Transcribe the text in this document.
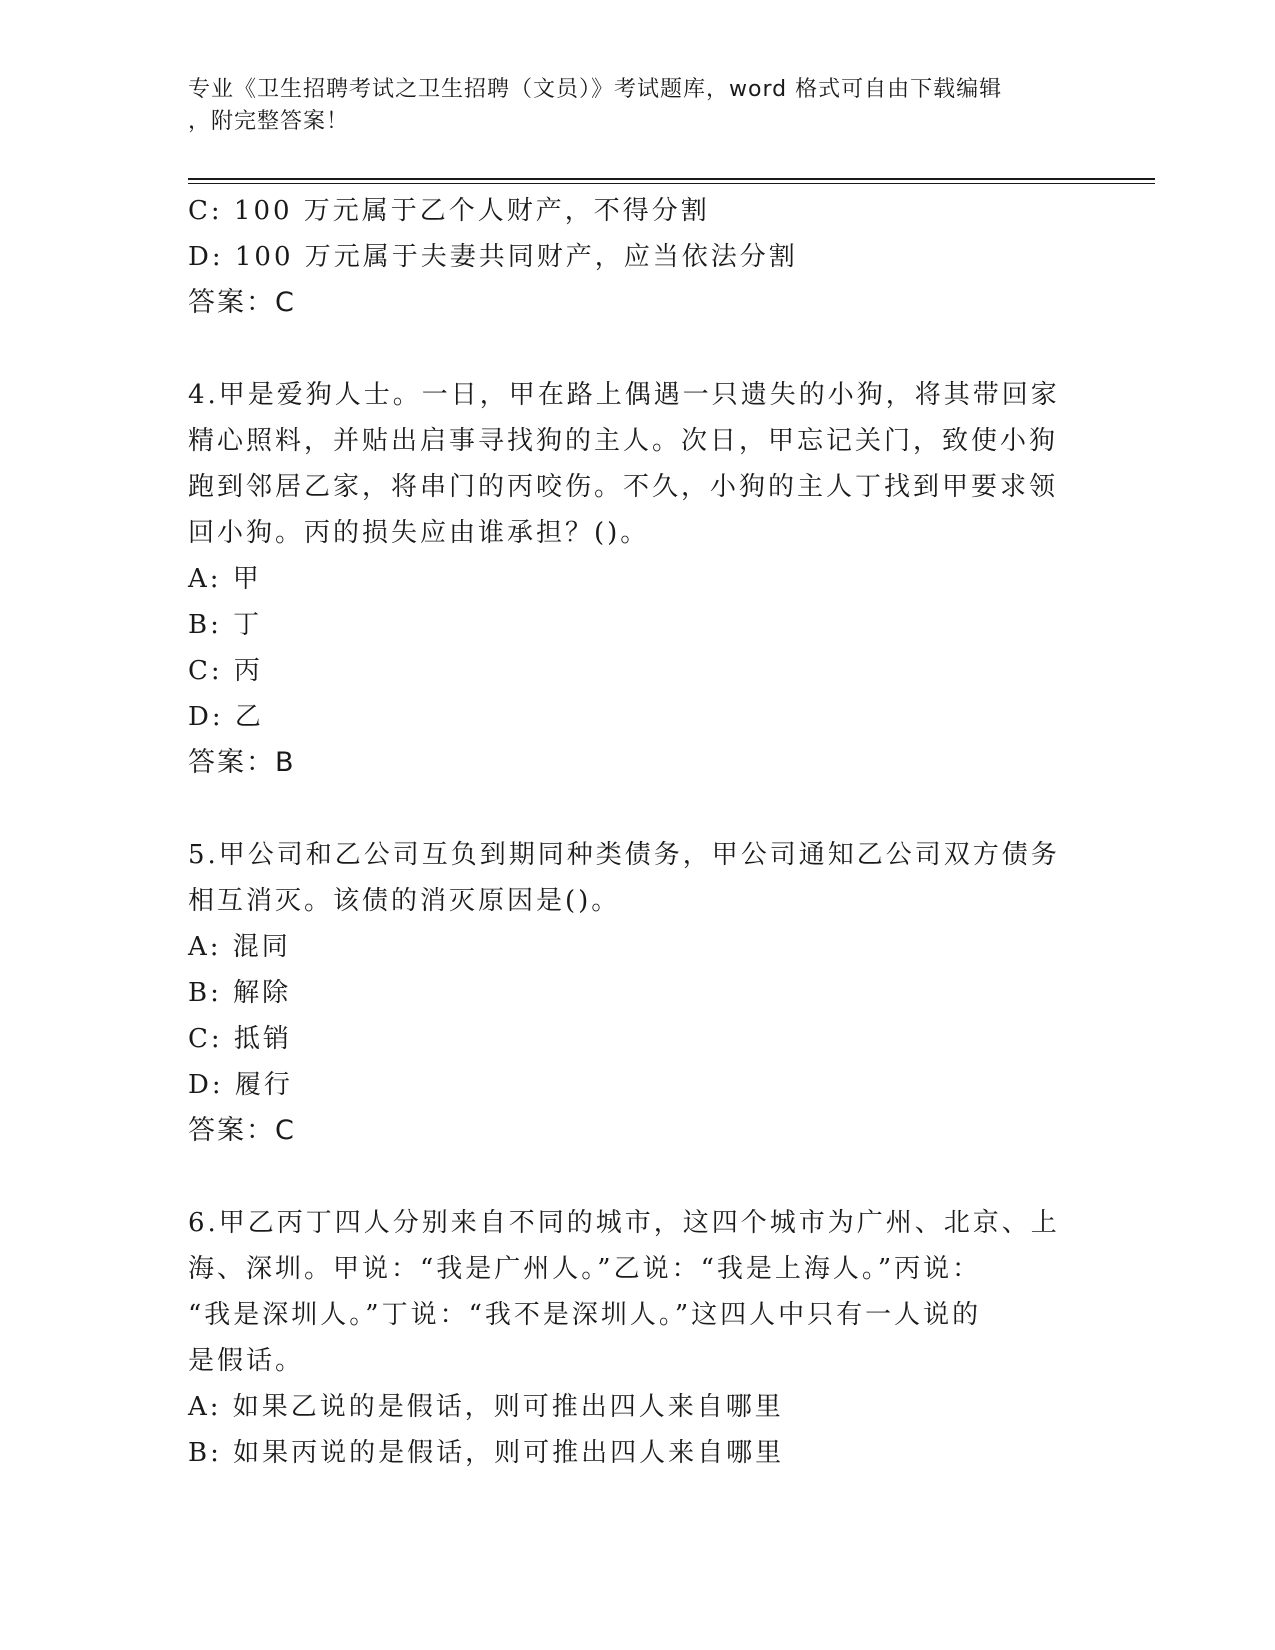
专业《卫生招聘考试之卫生招聘（文员）》考试题库，word 格式可自由下载编辑
，附完整答案！
C: 100 万元属于乙个人财产，不得分割
D: 100 万元属于夫妻共同财产，应当依法分割
答案：C
4.甲是爱狗人士。一日，甲在路上偶遇一只遗失的小狗，将其带回家
精心照料，并贴出启事寻找狗的主人。次日，甲忘记关门，致使小狗
跑到邻居乙家，将串门的丙咬伤。不久，小狗的主人丁找到甲要求领
回小狗。丙的损失应由谁承担？()。
A: 甲
B: 丁
C: 丙
D: 乙
答案：B
5.甲公司和乙公司互负到期同种类债务，甲公司通知乙公司双方债务
相互消灭。该债的消灭原因是()。
A: 混同
B: 解除
C: 抵销
D: 履行
答案：C
6.甲乙丙丁四人分别来自不同的城市，这四个城市为广州、北京、上
海、深圳。甲说：“我是广州人。”乙说：“我是上海人。”丙说：
“我是深圳人。”丁说：“我不是深圳人。”这四人中只有一人说的
是假话。
A: 如果乙说的是假话，则可推出四人来自哪里
B: 如果丙说的是假话，则可推出四人来自哪里
